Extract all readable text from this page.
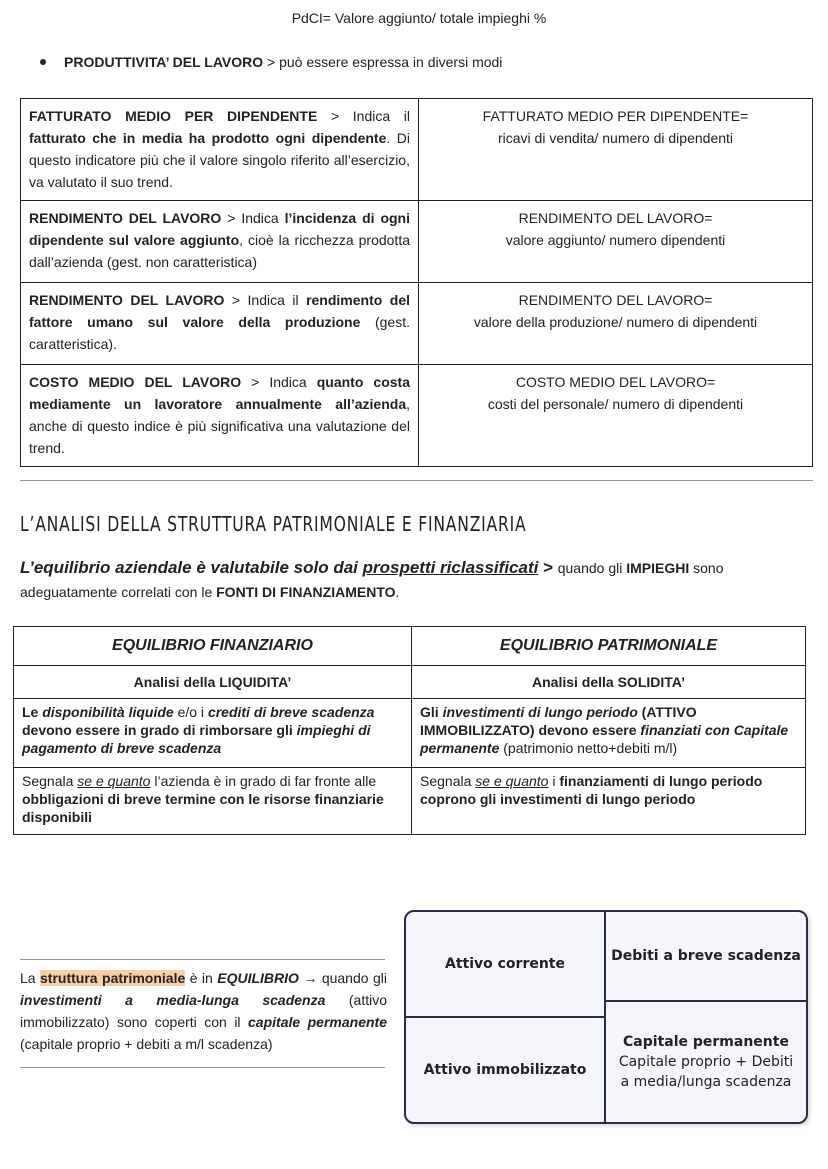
PdCI= Valore aggiunto/ totale impieghi %
PRODUTTIVITA’ DEL LAVORO > può essere espressa in diversi modi
FATTURATO MEDIO PER DIPENDENTE > Indica il fatturato che in media ha prodotto ogni dipendente. Di questo indicatore più che il valore singolo riferito all’esercizio, va valutato il suo trend.	FATTURATO MEDIO PER DIPENDENTE=
ricavi di vendita/ numero di dipendenti

RENDIMENTO DEL LAVORO > Indica l’incidenza di ogni dipendente sul valore aggiunto, cioè la ricchezza prodotta dall’azienda (gest. non caratteristica)	RENDIMENTO DEL LAVORO=
valore aggiunto/ numero dipendenti

RENDIMENTO DEL LAVORO > Indica il rendimento del fattore umano sul valore della produzione (gest. caratteristica).	RENDIMENTO DEL LAVORO=
valore della produzione/ numero di dipendenti

COSTO MEDIO DEL LAVORO > Indica quanto costa mediamente un lavoratore annualmente all’azienda, anche di questo indice è più significativa una valutazione del trend.	COSTO MEDIO DEL LAVORO=
costi del personale/ numero di dipendenti
L’ANALISI DELLA STRUTTURA PATRIMONIALE E FINANZIARIA
L’equilibrio aziendale è valutabile solo dai prospetti riclassificati > quando gli IMPIEGHI sono adeguatamente correlati con le FONTI DI FINANZIAMENTO.
EQUILIBRIO FINANZIARIO	EQUILIBRIO PATRIMONIALE
Analisi della LIQUIDITA’	Analisi della SOLIDITA’
Le disponibilità liquide e/o i crediti di breve scadenza devono essere in grado di rimborsare gli impieghi di pagamento di breve scadenza	Gli investimenti di lungo periodo (ATTIVO IMMOBILIZZATO) devono essere finanziati con Capitale permanente (patrimonio netto+debiti m/l)
Segnala se e quanto l’azienda è in grado di far fronte alle obbligazioni di breve termine con le risorse finanziarie disponibili	Segnala se e quanto i finanziamenti di lungo periodo coprono gli investimenti di lungo periodo
La struttura patrimoniale è in EQUILIBRIO → quando gli investimenti a media-lunga scadenza (attivo immobilizzato) sono coperti con il capitale permanente (capitale proprio + debiti a m/l scadenza)
Attivo corrente
Attivo immobilizzato
Debiti a breve scadenza
Capitale permanente
Capitale proprio + Debiti
a media/lunga scadenza
